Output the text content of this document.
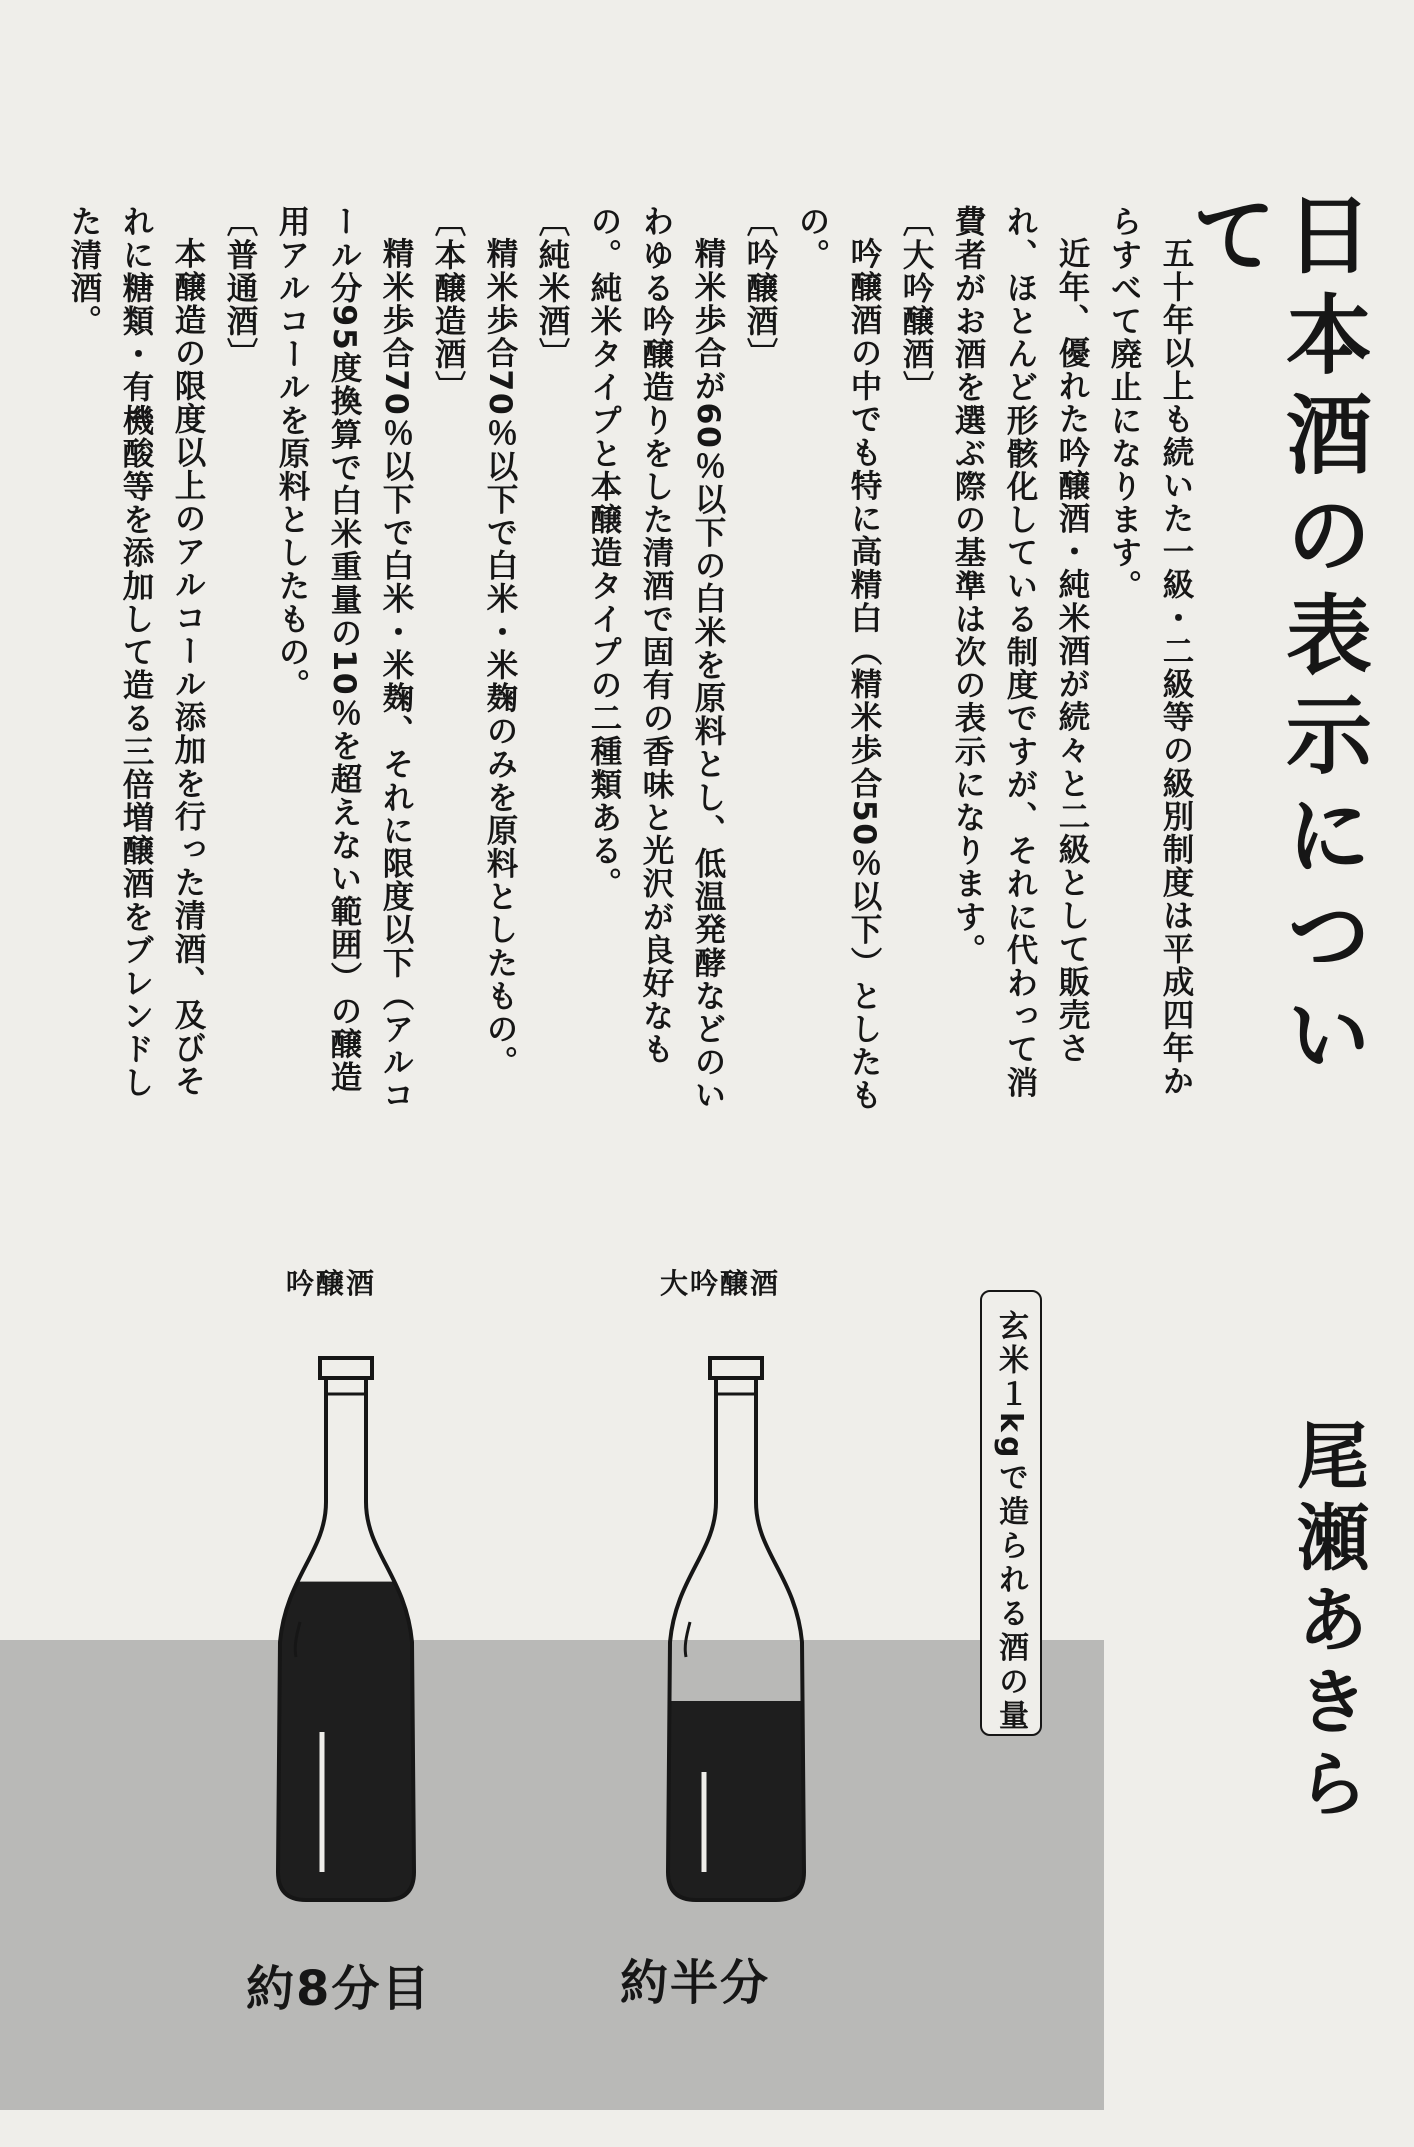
日本酒の表示について

五十年以上も続いた一級・二級等の級別制度は平成四年からすべて廃止になります。

近年、優れた吟醸酒・純米酒が続々と二級として販売され、ほとんど形骸化している制度ですが、それに代わって消費者がお酒を選ぶ際の基準は次の表示になります。

〔大吟醸酒〕

吟醸酒の中でも特に高精白（精米歩合50％以下）としたもの。

〔吟醸酒〕

精米歩合が60％以下の白米を原料とし、低温発酵などのいわゆる吟醸造りをした清酒で固有の香味と光沢が良好なもの。純米タイプと本醸造タイプの二種類ある。

〔純米酒〕

精米歩合70％以下で白米・米麹のみを原料としたもの。

〔本醸造酒〕

精米歩合70％以下で白米・米麹、それに限度以下（アルコール分95度換算で白米重量の10％を超えない範囲）の醸造用アルコールを原料としたもの。

〔普通酒〕

本醸造の限度以上のアルコール添加を行った清酒、及びそれに糖類・有機酸等を添加して造る三倍増醸酒をブレンドした清酒。

尾瀬あきら
吟醸酒	大吟醸酒
玄米１kgで造られる酒の量
約8分目	約半分
